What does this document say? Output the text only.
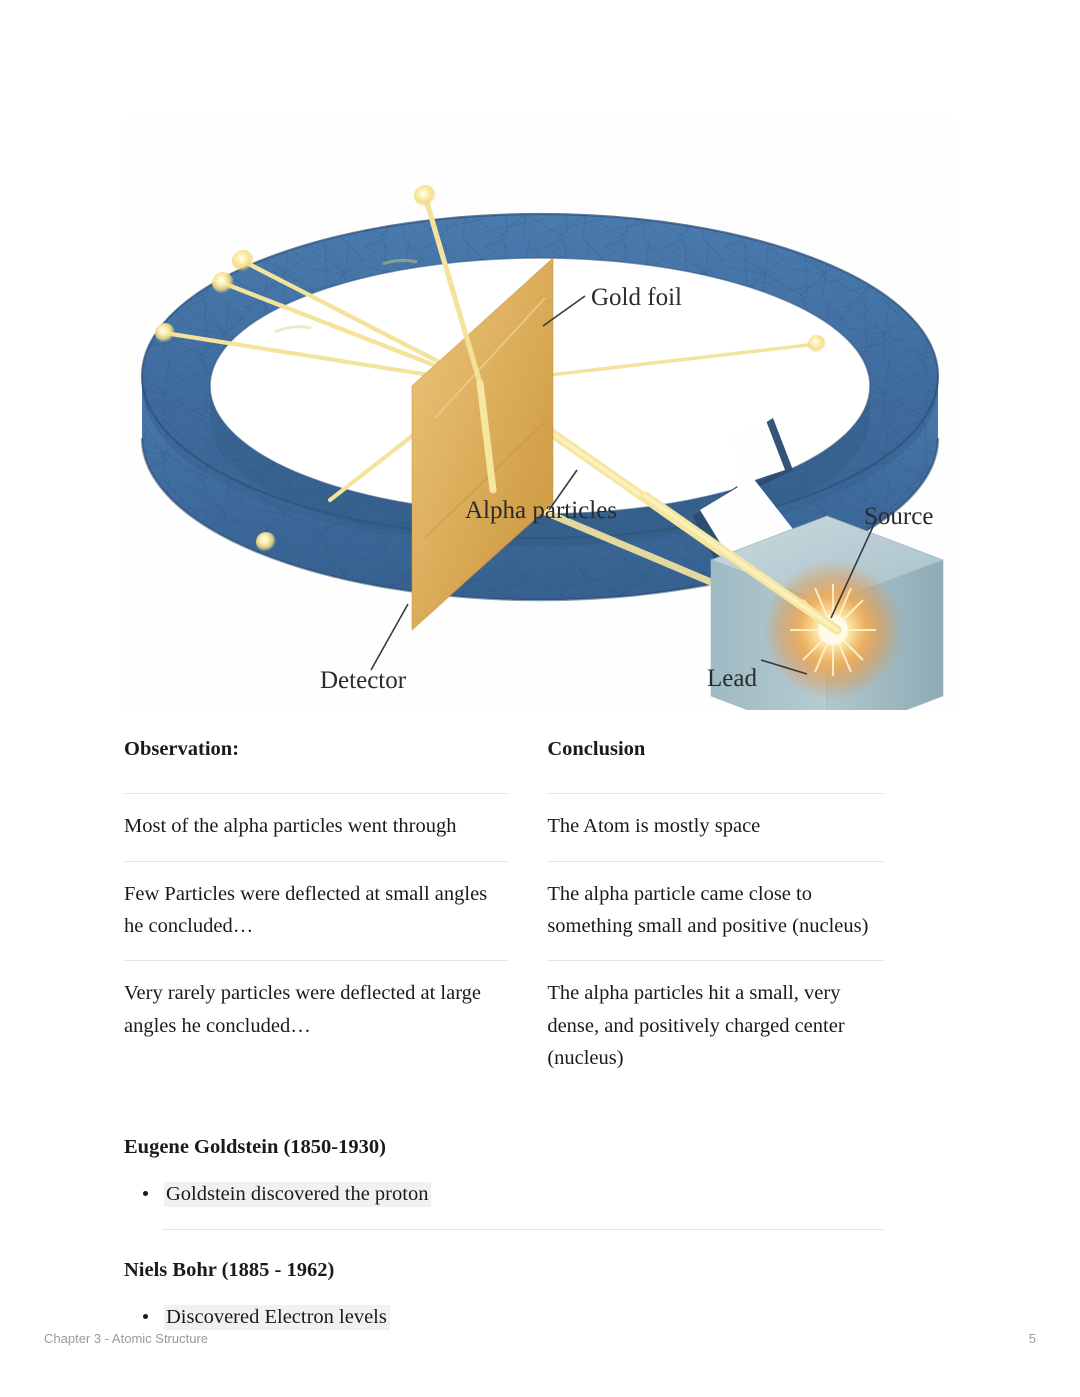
Gold foil
Alpha particles
Detector
Source
Lead
Observation:		Conclusion
Most of the alpha particles went through		The Atom is mostly space
Few Particles were deflected at small angles he concluded…		The alpha particle came close to something small and positive (nucleus)
Very rarely particles were deflected at large angles he concluded…		The alpha particles hit a small, very dense, and positively charged center (nucleus)
Eugene Goldstein (1850-1930)
Goldstein discovered the proton
Niels Bohr (1885 - 1962)
Discovered Electron levels
Chapter 3 - Atomic Structure	5
